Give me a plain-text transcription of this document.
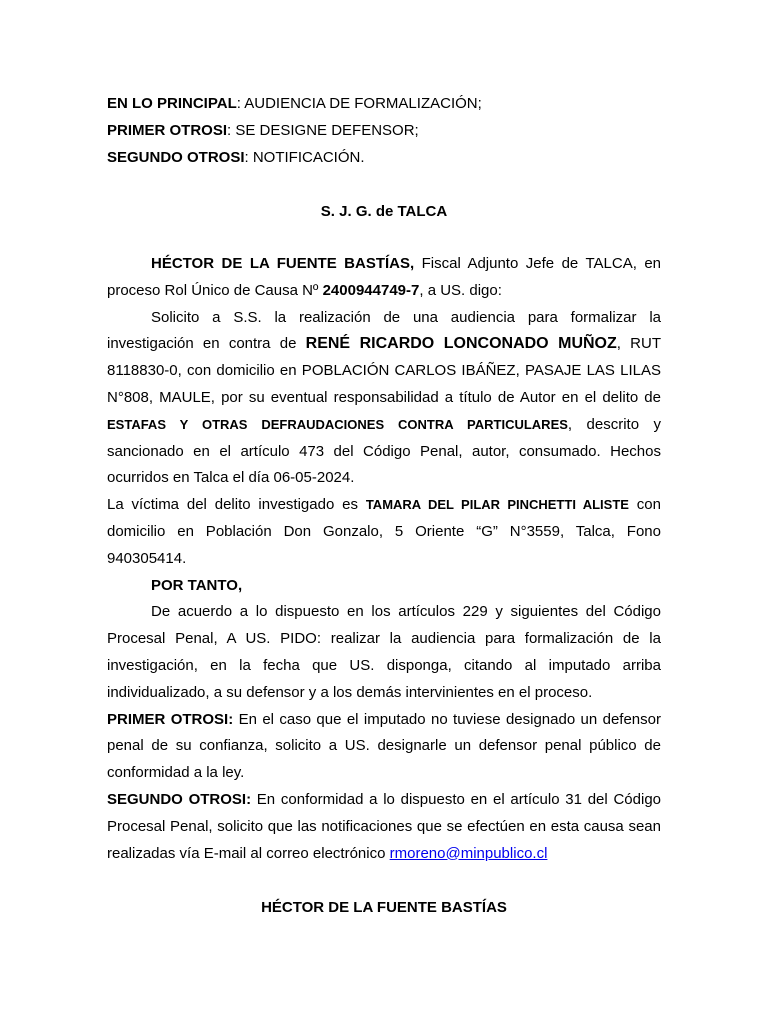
EN LO PRINCIPAL: AUDIENCIA DE FORMALIZACIÓN;
PRIMER OTROSI: SE DESIGNE DEFENSOR;
SEGUNDO OTROSI: NOTIFICACIÓN.
S. J. G. de TALCA
HÉCTOR DE LA FUENTE BASTÍAS, Fiscal Adjunto Jefe de TALCA, en proceso Rol Único de Causa Nº 2400944749-7, a US. digo:
Solicito a S.S. la realización de una audiencia para formalizar la investigación en contra de RENÉ RICARDO LONCONADO MUÑOZ, RUT 8118830-0, con domicilio en POBLACIÓN CARLOS IBÁÑEZ, PASAJE LAS LILAS N°808, MAULE, por su eventual responsabilidad a título de Autor en el delito de ESTAFAS Y OTRAS DEFRAUDACIONES CONTRA PARTICULARES, descrito y sancionado en el artículo 473 del Código Penal, autor, consumado. Hechos ocurridos en Talca el día 06-05-2024.
La víctima del delito investigado es TAMARA DEL PILAR PINCHETTI ALISTE con domicilio en Población Don Gonzalo, 5 Oriente “G” N°3559, Talca, Fono 940305414.
POR TANTO,
De acuerdo a lo dispuesto en los artículos 229 y siguientes del Código Procesal Penal, A US. PIDO: realizar la audiencia para formalización de la investigación, en la fecha que US. disponga, citando al imputado arriba individualizado, a su defensor y a los demás intervinientes en el proceso.
PRIMER OTROSI: En el caso que el imputado no tuviese designado un defensor penal de su confianza, solicito a US. designarle un defensor penal público de conformidad a la ley.
SEGUNDO OTROSI: En conformidad a lo dispuesto en el artículo 31 del Código Procesal Penal, solicito que las notificaciones que se efectúen en esta causa sean realizadas vía E-mail al correo electrónico rmoreno@minpublico.cl
HÉCTOR DE LA FUENTE BASTÍAS
